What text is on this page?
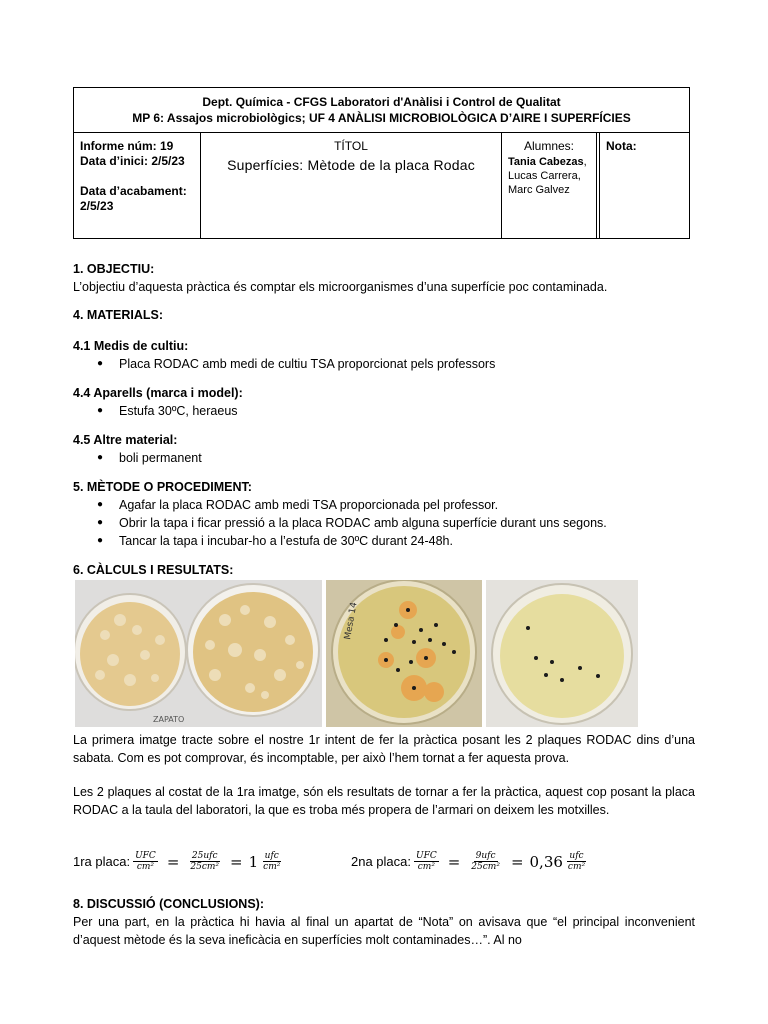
Dept. Química - CFGS Laboratori d'Anàlisi i Control de Qualitat
MP 6: Assajos microbiològics; UF 4 ANÀLISI MICROBIOLÒGICA D’AIRE I SUPERFÍCIES
Informe núm: 19
Data d’inici: 2/5/23
Data d’acabament:
2/5/23
TÍTOL
Superfícies: Mètode de la placa Rodac
Alumnes:
Tania Cabezas, Lucas Carrera, Marc Galvez
Nota:
1. OBJECTIU:
L’objectiu d’aquesta pràctica és comptar els microorganismes d’una superfície poc contaminada.
4. MATERIALS:
4.1 Medis de cultiu:
● Placa RODAC amb medi de cultiu TSA proporcionat pels professors
4.4 Aparells (marca i model):
● Estufa 30ºC, heraeus
4.5 Altre material:
● boli permanent
5. MÈTODE O PROCEDIMENT:
● Agafar la placa RODAC amb medi TSA proporcionada pel professor.
● Obrir la tapa i ficar pressió a la placa RODAC amb alguna superfície durant uns segons.
● Tancar la tapa i incubar-ho a l’estufa de 30ºC durant 24-48h.
6. CÀLCULS I RESULTATS:
ZAPATO
Mesa 14
La primera imatge tracte sobre el nostre 1r intent de fer la pràctica posant les 2 plaques RODAC dins d’una sabata. Com es pot comprovar, és incomptable, per això l’hem tornat a fer aquesta prova.
Les 2 plaques al costat de la 1ra imatge, són els resultats de tornar a fer la pràctica, aquest cop posant la placa RODAC a la taula del laboratori, la que es troba més propera de l’armari on deixem les motxilles.
1ra placa: $\frac{\text{UFC}}{\text{cm²}} = \frac{\text{25ufc}}{\text{25cm²}} = 1 \frac{\text{ufc}}{\text{cm²}}$	2na placa: $\frac{\text{UFC}}{\text{cm²}} = \frac{\text{9ufc}}{\text{25cm²}} = 0,36 \frac{\text{ufc}}{\text{cm²}}$
8. DISCUSSIÓ (CONCLUSIONS):
Per una part, en la pràctica hi havia al final un apartat de “Nota” on avisava que “el principal inconvenient d’aquest mètode és la seva ineficàcia en superfícies molt contaminades…”. Al no
